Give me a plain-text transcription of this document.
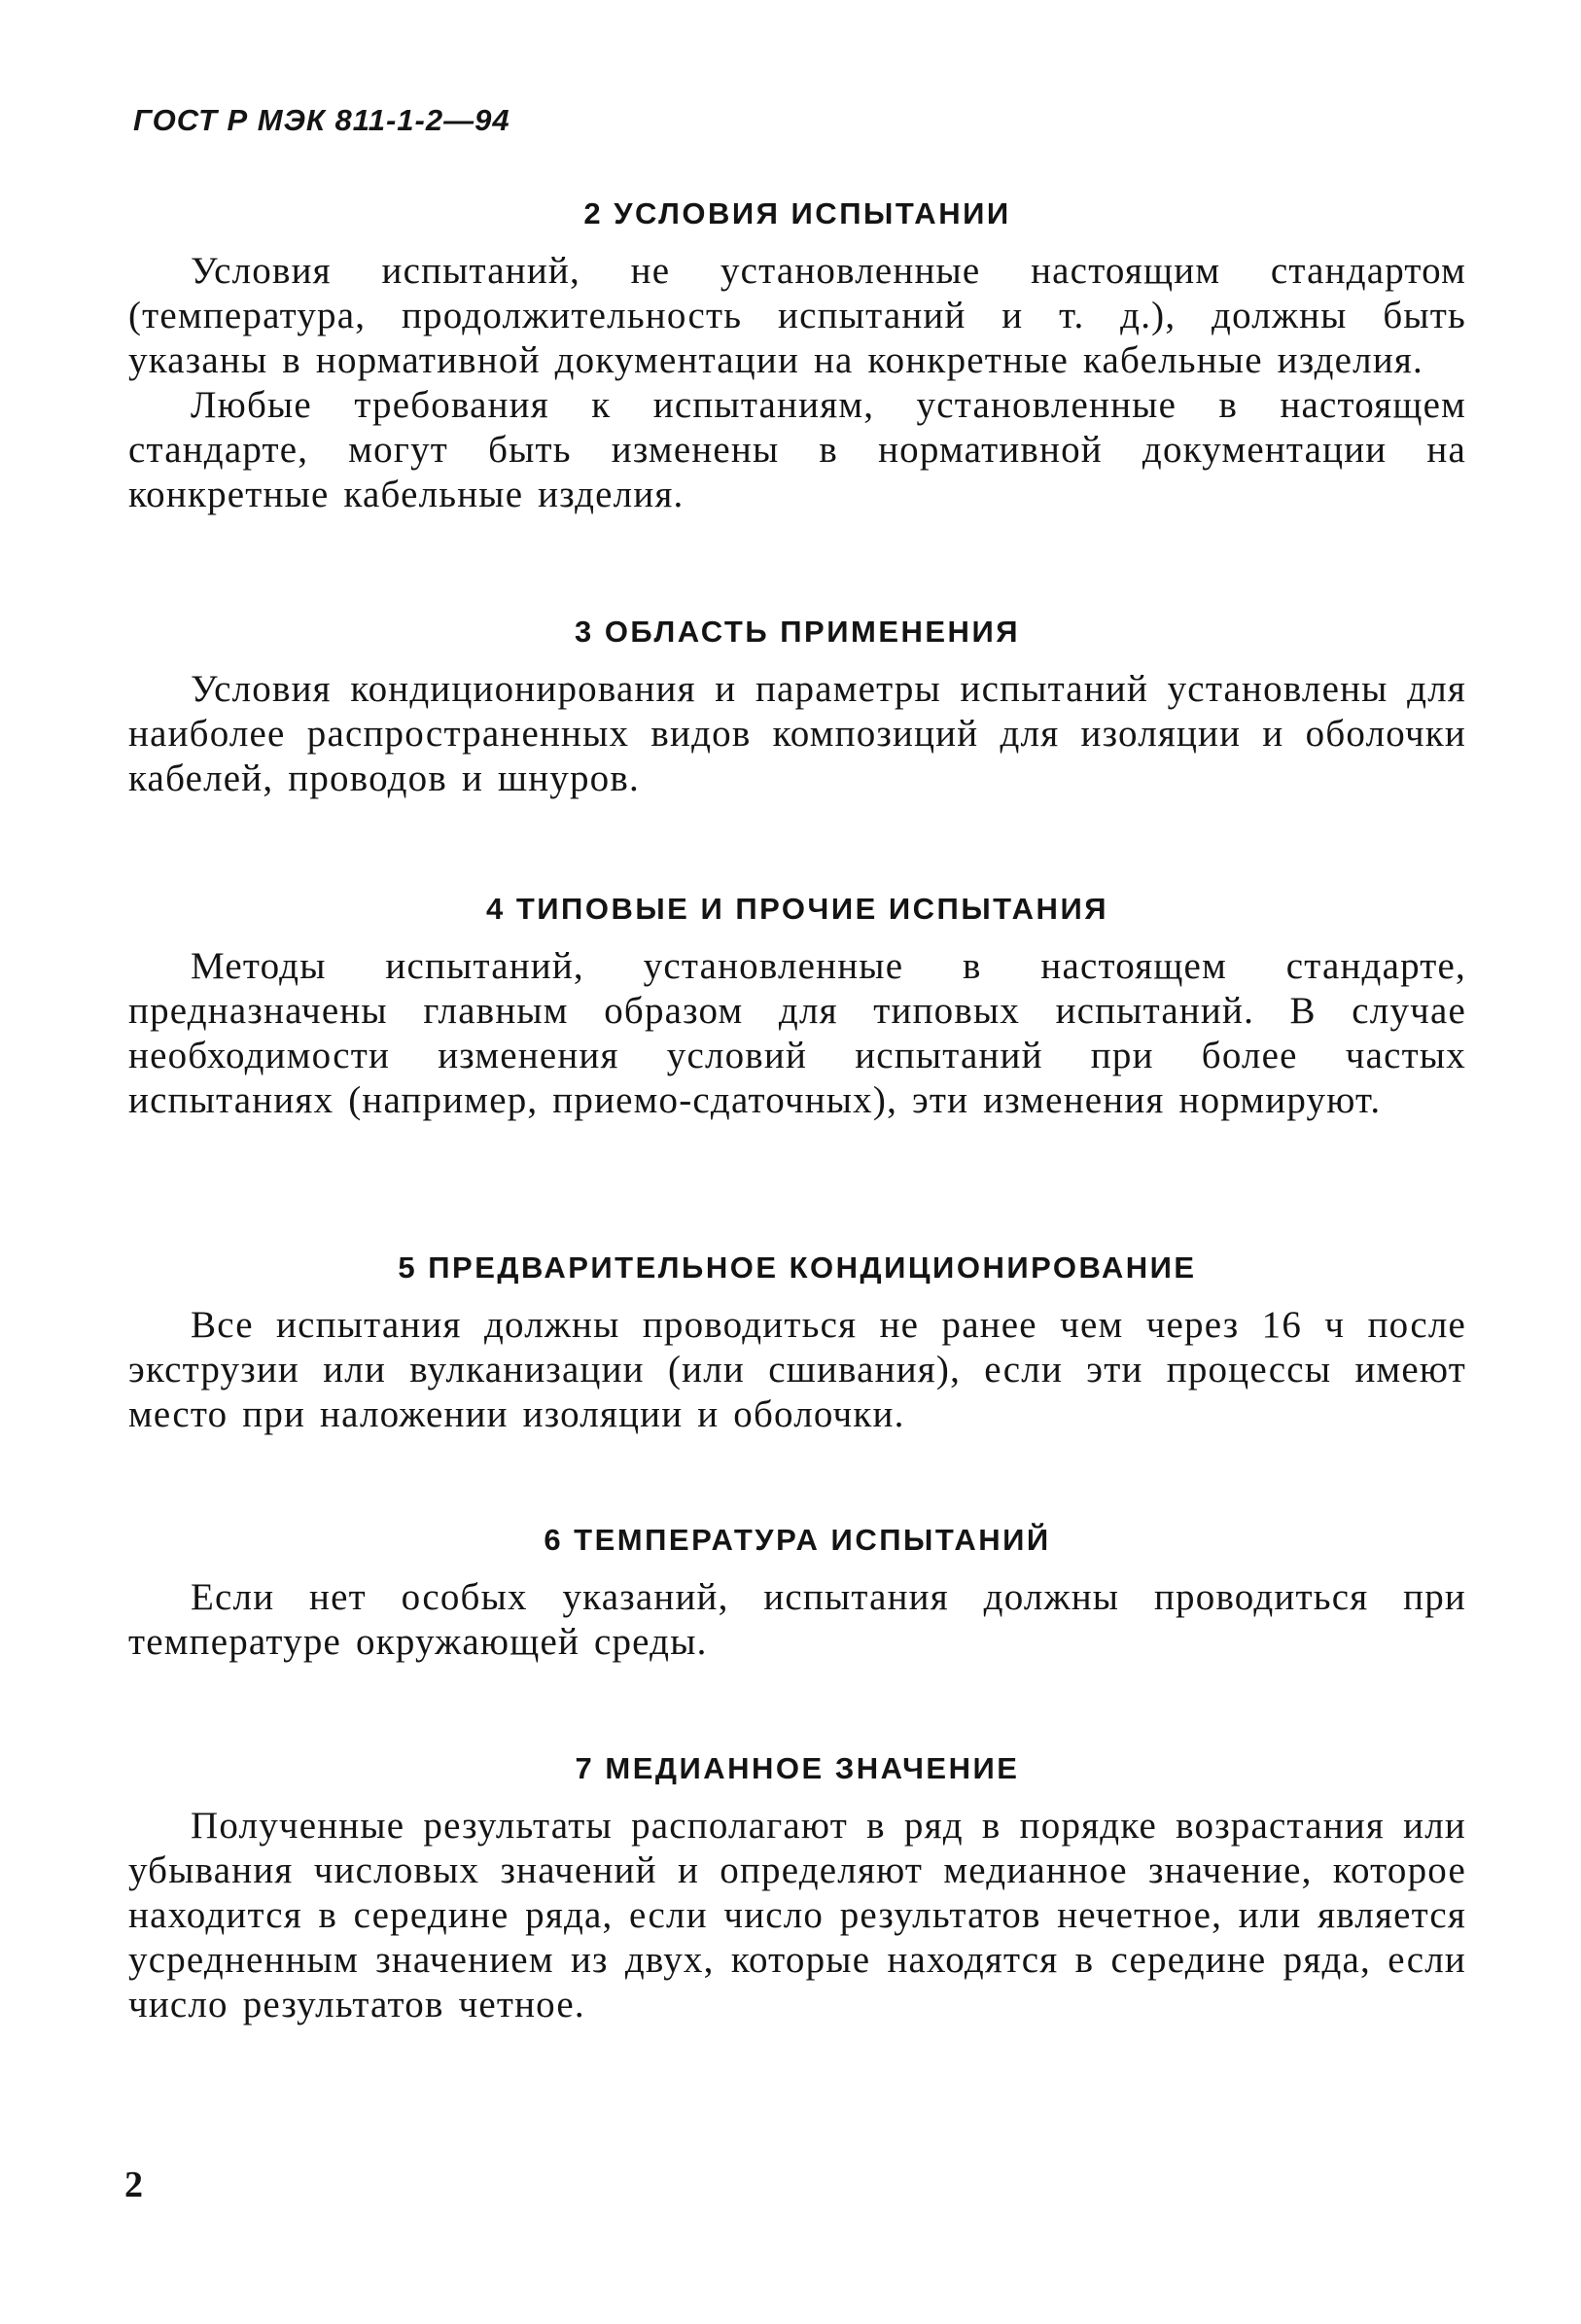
ГОСТ Р МЭК 811-1-2—94
2 УСЛОВИЯ ИСПЫТАНИИ

Условия испытаний, не установленные настоящим стандартом (температура, продолжительность испытаний и т. д.), должны быть указаны в нормативной документации на конкретные кабельные изделия.

Любые требования к испытаниям, установленные в настоящем стандарте, могут быть изменены в нормативной документации на конкретные кабельные изделия.

3 ОБЛАСТЬ ПРИМЕНЕНИЯ

Условия кондиционирования и параметры испытаний установлены для наиболее распространенных видов композиций для изоляции и оболочки кабелей, проводов и шнуров.

4 ТИПОВЫЕ И ПРОЧИЕ ИСПЫТАНИЯ

Методы испытаний, установленные в настоящем стандарте, предназначены главным образом для типовых испытаний. В случае необходимости изменения условий испытаний при более частых испытаниях (например, приемо-сдаточных), эти изменения нормируют.

5 ПРЕДВАРИТЕЛЬНОЕ КОНДИЦИОНИРОВАНИЕ

Все испытания должны проводиться не ранее чем через 16 ч после экструзии или вулканизации (или сшивания), если эти процессы имеют место при наложении изоляции и оболочки.

6 ТЕМПЕРАТУРА ИСПЫТАНИЙ

Если нет особых указаний, испытания должны проводиться при температуре окружающей среды.

7 МЕДИАННОЕ ЗНАЧЕНИЕ

Полученные результаты располагают в ряд в порядке возрастания или убывания числовых значений и определяют медианное значение, которое находится в середине ряда, если число результатов нечетное, или является усредненным значением из двух, которые находятся в середине ряда, если число результатов четное.

2
